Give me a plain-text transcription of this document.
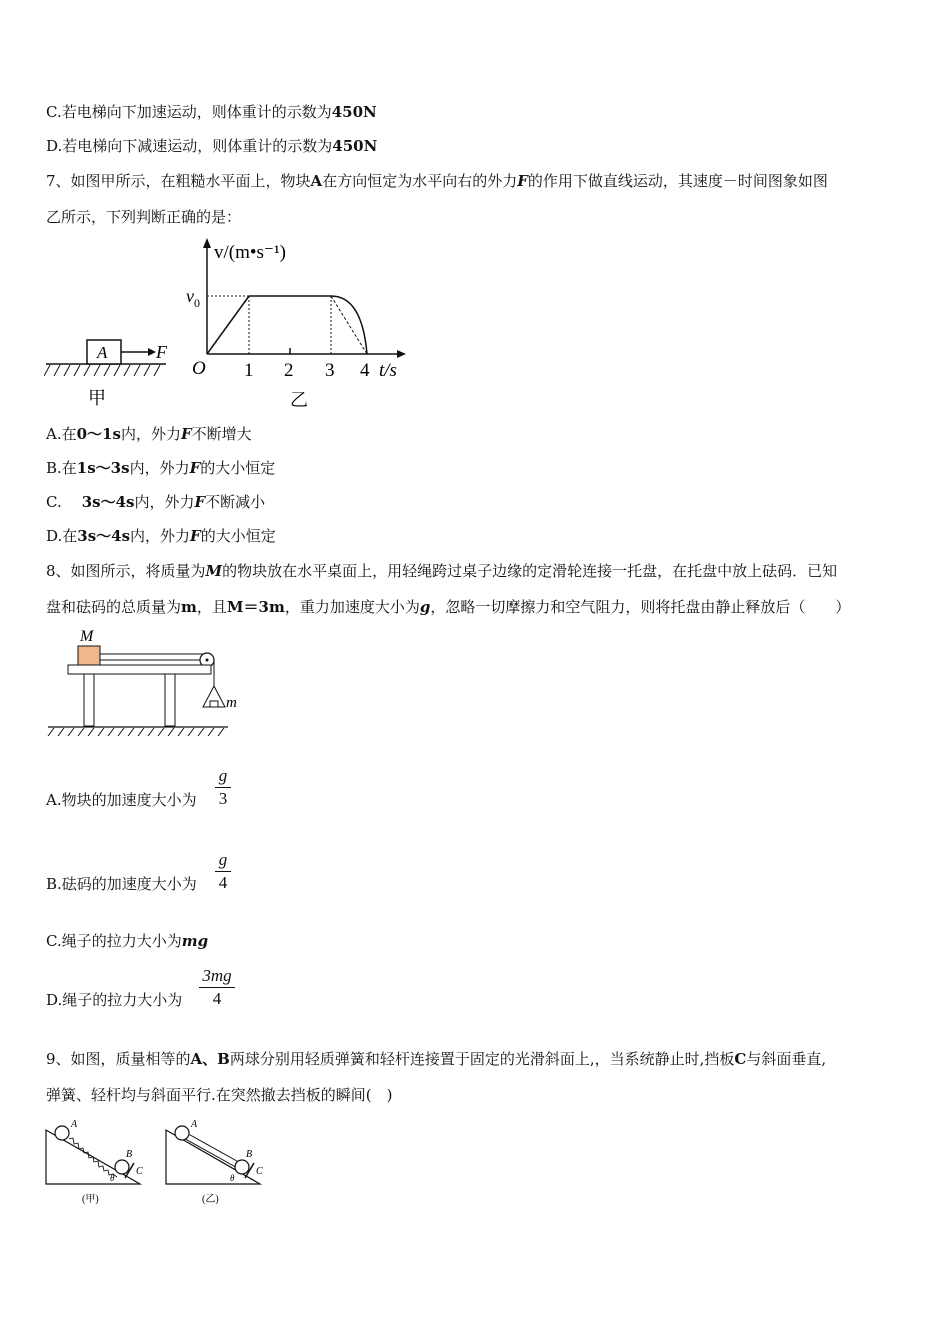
C.若电梯向下加速运动，则体重计的示数为450N
D.若电梯向下减速运动，则体重计的示数为450N
7、如图甲所示，在粗糙水平面上，物块A在方向恒定为水平向右的外力F的作用下做直线运动，其速度－时间图象如图
乙所示，下列判断正确的是：
A	F
甲
v/(m•s⁻¹)
$v_0$
O 1 2 3 4 t/s
乙
A.在0～1s内，外力F不断增大
B.在1s～3s内，外力F的大小恒定
C. 3s～4s内，外力F不断减小
D.在3s～4s内，外力F的大小恒定
8、如图所示，将质量为M的物块放在水平桌面上，用轻绳跨过桌子边缘的定滑轮连接一托盘，在托盘中放上砝码．已知
盘和砝码的总质量为m，且M＝3m，重力加速度大小为g，忽略一切摩擦力和空气阻力，则将托盘由静止释放后（　　）
M
m
A.物块的加速度大小为
g
3
B.砝码的加速度大小为
g
4
C.绳子的拉力大小为mg
D.绳子的拉力大小为
3mg
4
9、如图，质量相等的A、B两球分别用轻质弹簧和轻杆连接置于固定的光滑斜面上,，当系统静止时,挡板C与斜面垂直,
弹簧、轻杆均与斜面平行.在突然撤去挡板的瞬间(　)
A
B
C
θ
(甲)
A
B
C
θ
(乙)
